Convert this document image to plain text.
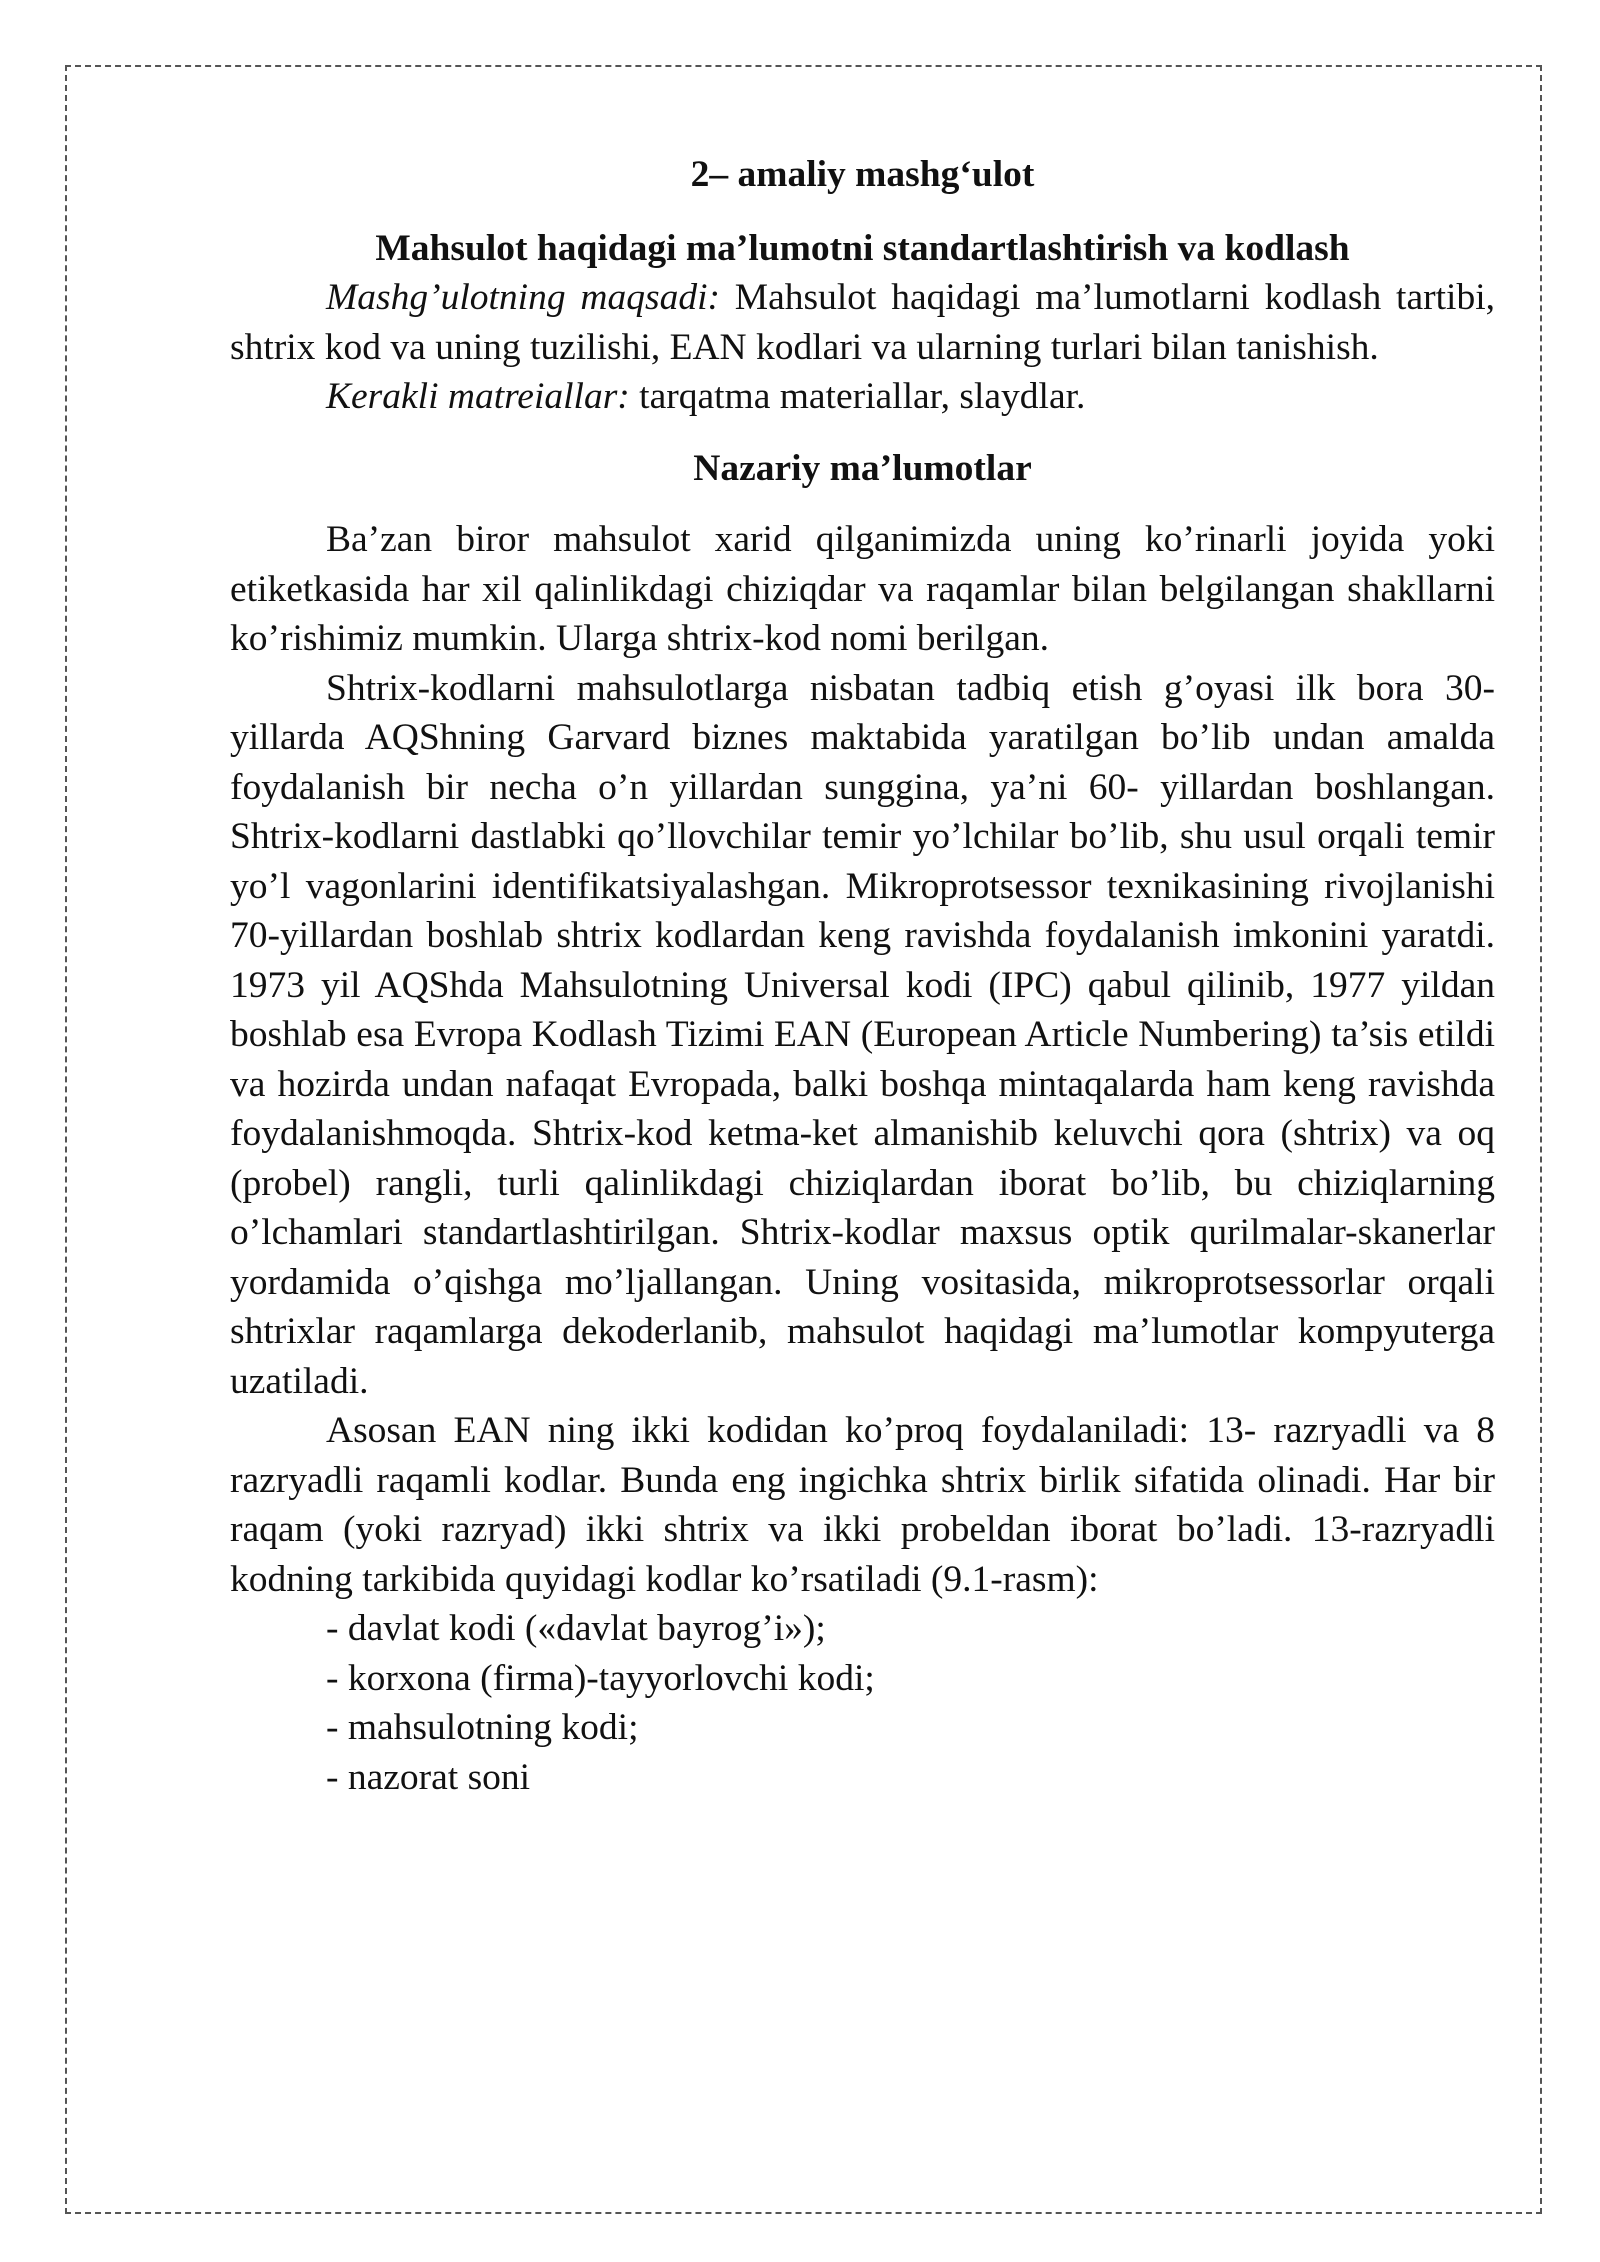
2– amaliy mashg‘ulot
Mahsulot haqidagi ma’lumotni standartlashtirish va kodlash

Mashg’ulotning maqsadi: Mahsulot haqidagi ma’lumotlarni kodlash tartibi, shtrix kod va uning tuzilishi, EAN kodlari va ularning turlari bilan tanishish.

Kerakli matreiallar: tarqatma materiallar, slaydlar.

Nazariy ma’lumotlar

Ba’zan biror mahsulot xarid qilganimizda uning ko’rinarli joyida yoki etiketkasida har xil qalinlikdagi chiziqdar va raqamlar bilan belgilangan shakllarni ko’rishimiz mumkin. Ularga shtrix-kod nomi berilgan.

Shtrix-kodlarni mahsulotlarga nisbatan tadbiq etish g’oyasi ilk bora 30-yillarda AQShning Garvard biznes maktabida yaratilgan bo’lib undan amalda foydalanish bir necha o’n yillardan sunggina, ya’ni 60- yillardan boshlangan. Shtrix-kodlarni dastlabki qo’llovchilar temir yo’lchilar bo’lib, shu usul orqali temir yo’l vagonlarini identifikatsiyalashgan. Mikroprotsessor texnikasining rivojlanishi 70-yillardan boshlab shtrix kodlardan keng ravishda foydalanish imkonini yaratdi. 1973 yil AQShda Mahsulotning Universal kodi (IPC) qabul qilinib, 1977 yildan boshlab esa Evropa Kodlash Tizimi EAN (European Article Numbering) ta’sis etildi va hozirda undan nafaqat Evropada, balki boshqa mintaqalarda ham keng ravishda foydalanishmoqda. Shtrix-kod ketma-ket almanishib keluvchi qora (shtrix) va oq (probel) rangli, turli qalinlikdagi chiziqlardan iborat bo’lib, bu chiziqlarning o’lchamlari standartlashtirilgan. Shtrix-kodlar maxsus optik qurilmalar-skanerlar yordamida o’qishga mo’ljallangan. Uning vositasida, mikroprotsessorlar orqali shtrixlar raqamlarga dekoderlanib, mahsulot haqidagi ma’lumotlar kompyuterga uzatiladi.

Asosan EAN ning ikki kodidan ko’proq foydalaniladi: 13- razryadli va 8 razryadli raqamli kodlar. Bunda eng ingichka shtrix birlik sifatida olinadi. Har bir raqam (yoki razryad) ikki shtrix va ikki probeldan iborat bo’ladi. 13-razryadli kodning tarkibida quyidagi kodlar ko’rsatiladi (9.1-rasm):

- davlat kodi («davlat bayrog’i»);
- korxona (firma)-tayyorlovchi kodi;
- mahsulotning kodi;
- nazorat soni
